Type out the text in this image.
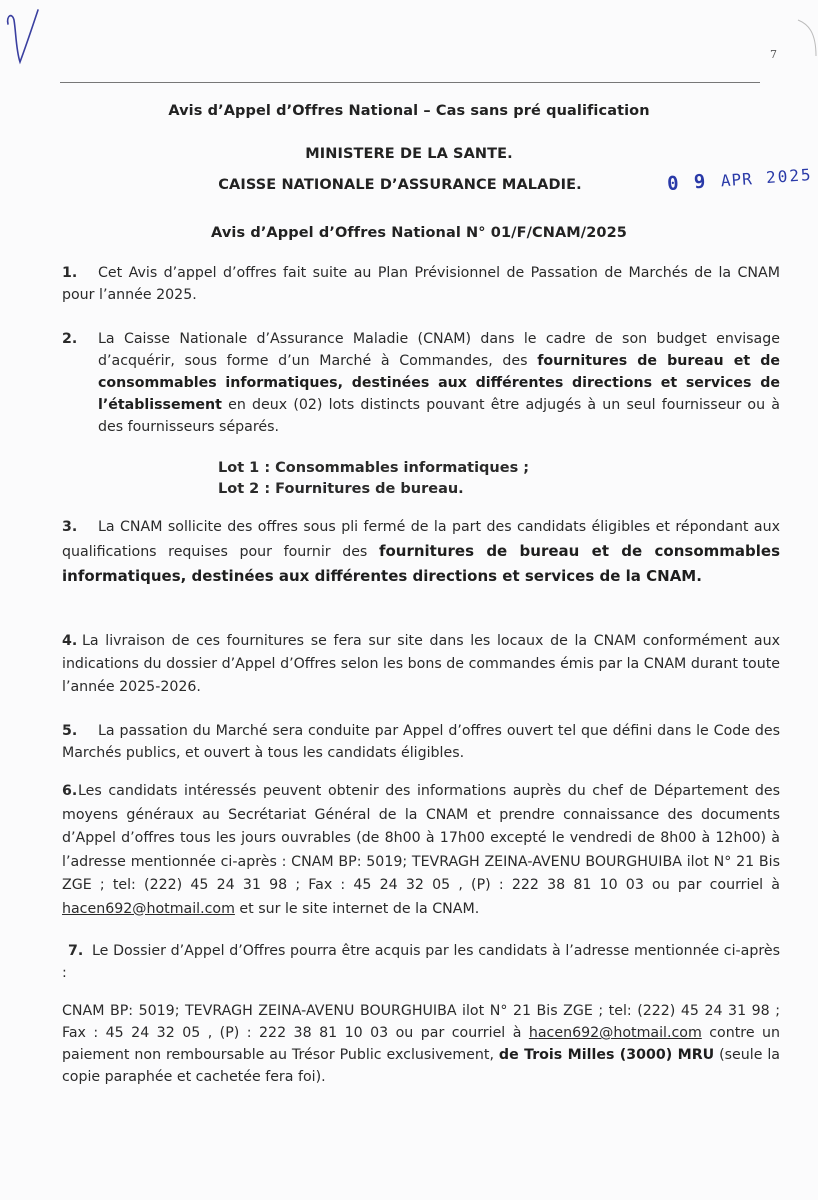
7
Avis d’Appel d’Offres National – Cas sans pré qualification
MINISTERE DE LA SANTE.
CAISSE NATIONALE D’ASSURANCE MALADIE.	0 9 APR 2025
Avis d’Appel d’Offres National N° 01/F/CNAM/2025
1. Cet Avis d’appel d’offres fait suite au Plan Prévisionnel de Passation de Marchés de la CNAM pour l’année 2025.
2.	La Caisse Nationale d’Assurance Maladie (CNAM) dans le cadre de son budget envisage d’acquérir, sous forme d’un Marché à Commandes, des fournitures de bureau et de consommables informatiques, destinées aux différentes directions et services de l’établissement en deux (02) lots distincts pouvant être adjugés à un seul fournisseur ou à des fournisseurs séparés.
Lot 1 : Consommables informatiques ;
Lot 2 : Fournitures de bureau.
3. La CNAM sollicite des offres sous pli fermé de la part des candidats éligibles et répondant aux qualifications requises pour fournir des fournitures de bureau et de consommables informatiques, destinées aux différentes directions et services de la CNAM.
4. La livraison de ces fournitures se fera sur site dans les locaux de la CNAM conformément aux indications du dossier d’Appel d’Offres selon les bons de commandes émis par la CNAM durant toute l’année 2025-2026.
5. La passation du Marché sera conduite par Appel d’offres ouvert tel que défini dans le Code des Marchés publics, et ouvert à tous les candidats éligibles.
6.Les candidats intéressés peuvent obtenir des informations auprès du chef de Département des moyens généraux au Secrétariat Général de la CNAM et prendre connaissance des documents d’Appel d’offres tous les jours ouvrables (de 8h00 à 17h00 excepté le vendredi de 8h00 à 12h00) à l’adresse mentionnée ci-après : CNAM BP: 5019; TEVRAGH ZEINA-AVENU BOURGHUIBA ilot N° 21 Bis ZGE ; tel: (222) 45 24 31 98 ; Fax : 45 24 32 05 , (P) : 222 38 81 10 03 ou par courriel à hacen692@hotmail.com et sur le site internet de la CNAM.
7. Le Dossier d’Appel d’Offres pourra être acquis par les candidats à l’adresse mentionnée ci-après :
CNAM BP: 5019; TEVRAGH ZEINA-AVENU BOURGHUIBA ilot N° 21 Bis ZGE ; tel: (222) 45 24 31 98 ; Fax : 45 24 32 05 , (P) : 222 38 81 10 03 ou par courriel à hacen692@hotmail.com contre un paiement non remboursable au Trésor Public exclusivement, de Trois Milles (3000) MRU (seule la copie paraphée et cachetée fera foi).
